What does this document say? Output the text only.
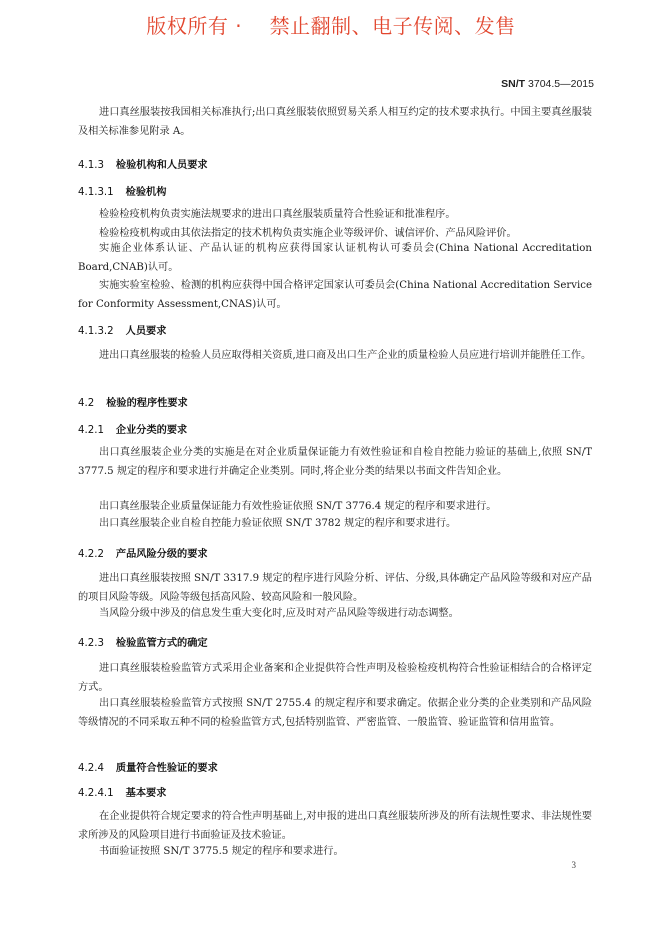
版权所有 ·    禁止翻制、电子传阅、发售
SN/T 3704.5—2015
进口真丝服装按我国相关标准执行;出口真丝服装依照贸易关系人相互约定的技术要求执行。中国主要真丝服装及相关标准参见附录 A。
4.1.3 检验机构和人员要求
4.1.3.1 检验机构
检验检疫机构负责实施法规要求的进出口真丝服装质量符合性验证和批准程序。
检验检疫机构或由其依法指定的技术机构负责实施企业等级评价、诚信评价、产品风险评价。
实施企业体系认证、产品认证的机构应获得国家认证机构认可委员会(China National Accreditation Board,CNAB)认可。
实施实验室检验、检测的机构应获得中国合格评定国家认可委员会(China National Accreditation Service for Conformity Assessment,CNAS)认可。
4.1.3.2 人员要求
进出口真丝服装的检验人员应取得相关资质,进口商及出口生产企业的质量检验人员应进行培训并能胜任工作。
4.2 检验的程序性要求
4.2.1 企业分类的要求
出口真丝服装企业分类的实施是在对企业质量保证能力有效性验证和自检自控能力验证的基础上,依照 SN/T 3777.5 规定的程序和要求进行并确定企业类别。同时,将企业分类的结果以书面文件告知企业。
出口真丝服装企业质量保证能力有效性验证依照 SN/T 3776.4 规定的程序和要求进行。
出口真丝服装企业自检自控能力验证依照 SN/T 3782 规定的程序和要求进行。
4.2.2 产品风险分级的要求
进出口真丝服装按照 SN/T 3317.9 规定的程序进行风险分析、评估、分级,具体确定产品风险等级和对应产品的项目风险等级。风险等级包括高风险、较高风险和一般风险。
当风险分级中涉及的信息发生重大变化时,应及时对产品风险等级进行动态调整。
4.2.3 检验监管方式的确定
进口真丝服装检验监管方式采用企业备案和企业提供符合性声明及检验检疫机构符合性验证相结合的合格评定方式。
出口真丝服装检验监管方式按照 SN/T 2755.4 的规定程序和要求确定。依据企业分类的企业类别和产品风险等级情况的不同采取五种不同的检验监管方式,包括特别监管、严密监管、一般监管、验证监管和信用监管。
4.2.4 质量符合性验证的要求
4.2.4.1 基本要求
在企业提供符合规定要求的符合性声明基础上,对申报的进出口真丝服装所涉及的所有法规性要求、非法规性要求所涉及的风险项目进行书面验证及技术验证。
书面验证按照 SN/T 3775.5 规定的程序和要求进行。
3
